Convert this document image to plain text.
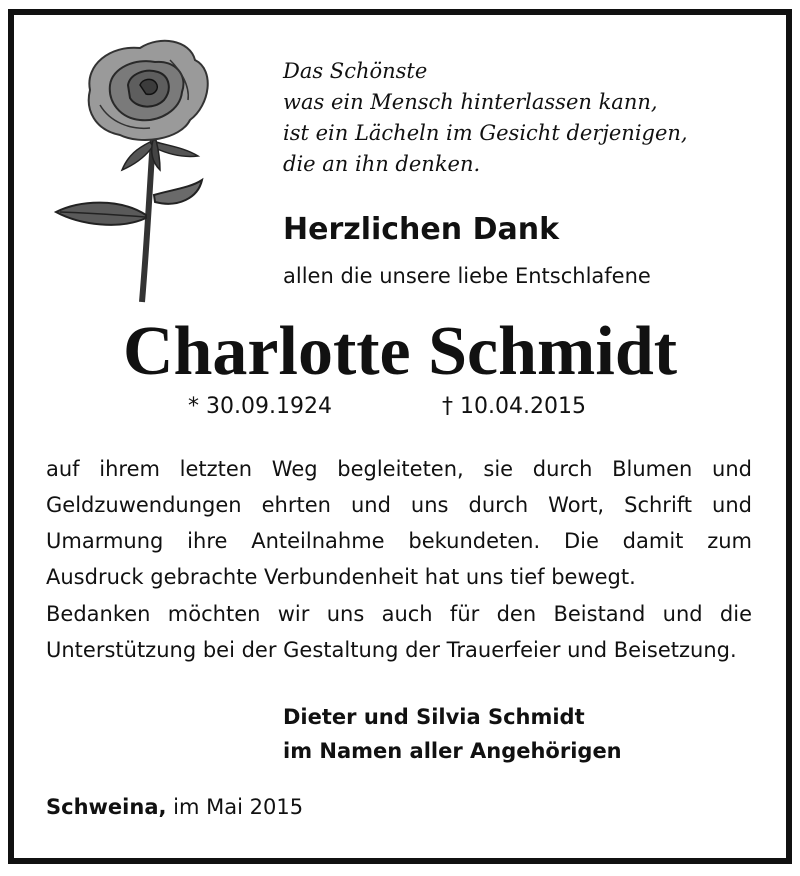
Das Schönste
was ein Mensch hinterlassen kann,
ist ein Lächeln im Gesicht derjenigen,
die an ihn denken.
Herzlichen Dank
allen die unsere liebe Entschlafene
Charlotte Schmidt
* 30.09.1924	† 10.04.2015
auf ihrem letzten Weg begleiteten, sie durch Blumen und Geldzuwendungen ehrten und uns durch Wort, Schrift und Umarmung ihre Anteilnahme bekundeten. Die damit zum Ausdruck gebrachte Verbundenheit hat uns tief bewegt.
Bedanken möchten wir uns auch für den Beistand und die Unterstützung bei der Gestaltung der Trauerfeier und Beisetzung.
Dieter und Silvia Schmidt
im Namen aller Angehörigen
Schweina, im Mai 2015
